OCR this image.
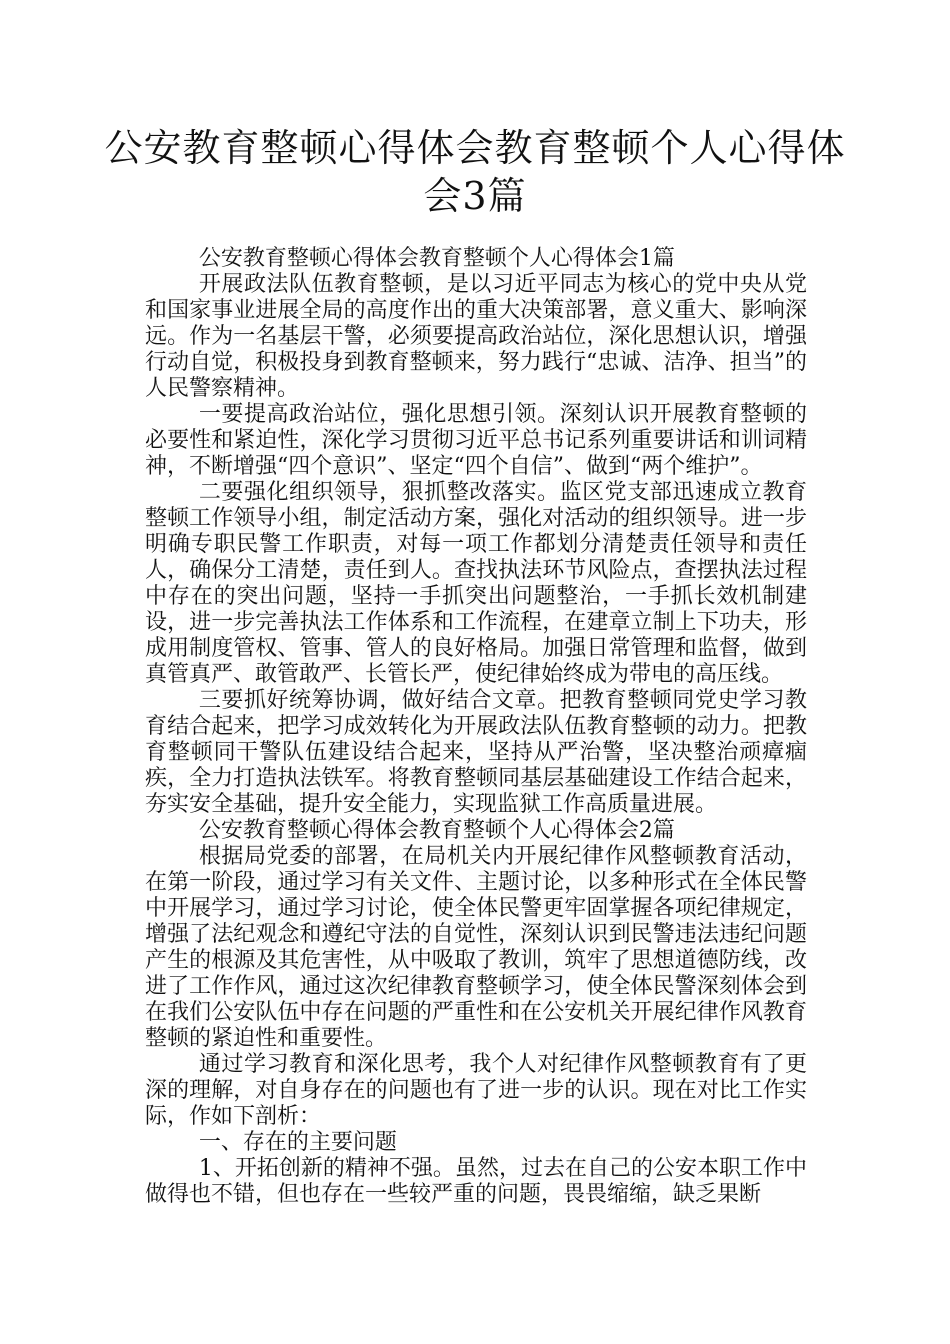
公安教育整顿心得体会教育整顿个人心得体会3篇

公安教育整顿心得体会教育整顿个人心得体会1篇

开展政法队伍教育整顿，是以习近平同志为核心的党中央从党和国家事业进展全局的高度作出的重大决策部署，意义重大、影响深远。作为一名基层干警，必须要提高政治站位，深化思想认识，增强行动自觉，积极投身到教育整顿来，努力践行“忠诚、洁净、担当”的人民警察精神。

一要提高政治站位，强化思想引领。深刻认识开展教育整顿的必要性和紧迫性，深化学习贯彻习近平总书记系列重要讲话和训词精神，不断增强“四个意识”、坚定“四个自信”、做到“两个维护”。

二要强化组织领导，狠抓整改落实。监区党支部迅速成立教育整顿工作领导小组，制定活动方案，强化对活动的组织领导。进一步明确专职民警工作职责，对每一项工作都划分清楚责任领导和责任人，确保分工清楚，责任到人。查找执法环节风险点，查摆执法过程中存在的突出问题，坚持一手抓突出问题整治，一手抓长效机制建设，进一步完善执法工作体系和工作流程，在建章立制上下功夫，形成用制度管权、管事、管人的良好格局。加强日常管理和监督，做到真管真严、敢管敢严、长管长严，使纪律始终成为带电的高压线。

三要抓好统筹协调，做好结合文章。把教育整顿同党史学习教育结合起来，把学习成效转化为开展政法队伍教育整顿的动力。把教育整顿同干警队伍建设结合起来，坚持从严治警，坚决整治顽瘴痼疾，全力打造执法铁军。将教育整顿同基层基础建设工作结合起来，夯实安全基础，提升安全能力，实现监狱工作高质量进展。

公安教育整顿心得体会教育整顿个人心得体会2篇

根据局党委的部署，在局机关内开展纪律作风整顿教育活动，在第一阶段，通过学习有关文件、主题讨论，以多种形式在全体民警中开展学习，通过学习讨论，使全体民警更牢固掌握各项纪律规定，增强了法纪观念和遵纪守法的自觉性，深刻认识到民警违法违纪问题产生的根源及其危害性，从中吸取了教训，筑牢了思想道德防线，改进了工作作风，通过这次纪律教育整顿学习，使全体民警深刻体会到在我们公安队伍中存在问题的严重性和在公安机关开展纪律作风教育整顿的紧迫性和重要性。

通过学习教育和深化思考，我个人对纪律作风整顿教育有了更深的理解，对自身存在的问题也有了进一步的认识。现在对比工作实际，作如下剖析：

一、存在的主要问题

1、开拓创新的精神不强。虽然，过去在自己的公安本职工作中做得也不错，但也存在一些较严重的问题，畏畏缩缩，缺乏果断
